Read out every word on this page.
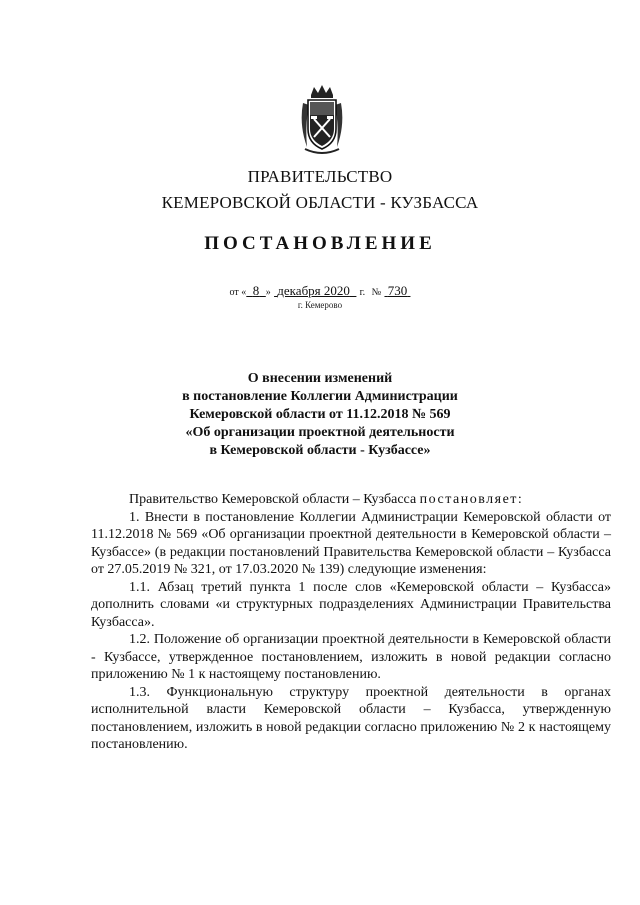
ПРАВИТЕЛЬСТВО
КЕМЕРОВСКОЙ ОБЛАСТИ - КУЗБАССА
ПОСТАНОВЛЕНИЕ
от « 8 » декабря 2020 г. № 730
г. Кемерово
О внесении изменений
в постановление Коллегии Администрации
Кемеровской области от 11.12.2018 № 569
«Об организации проектной деятельности
в Кемеровской области - Кузбассе»

Правительство Кемеровской области – Кузбасса постановляет:

1. Внести в постановление Коллегии Администрации Кемеровской области от 11.12.2018 № 569 «Об организации проектной деятельности в Кемеровской области – Кузбассе» (в редакции постановлений Правительства Кемеровской области – Кузбасса от 27.05.2019 № 321, от 17.03.2020 № 139) следующие изменения:

1.1. Абзац третий пункта 1 после слов «Кемеровской области – Кузбасса» дополнить словами «и структурных подразделениях Администрации Правительства Кузбасса».

1.2. Положение об организации проектной деятельности в Кемеровской области - Кузбассе, утвержденное постановлением, изложить в новой редакции согласно приложению № 1 к настоящему постановлению.

1.3. Функциональную структуру проектной деятельности в органах исполнительной власти Кемеровской области – Кузбасса, утвержденную постановлением, изложить в новой редакции согласно приложению № 2 к настоящему постановлению.
